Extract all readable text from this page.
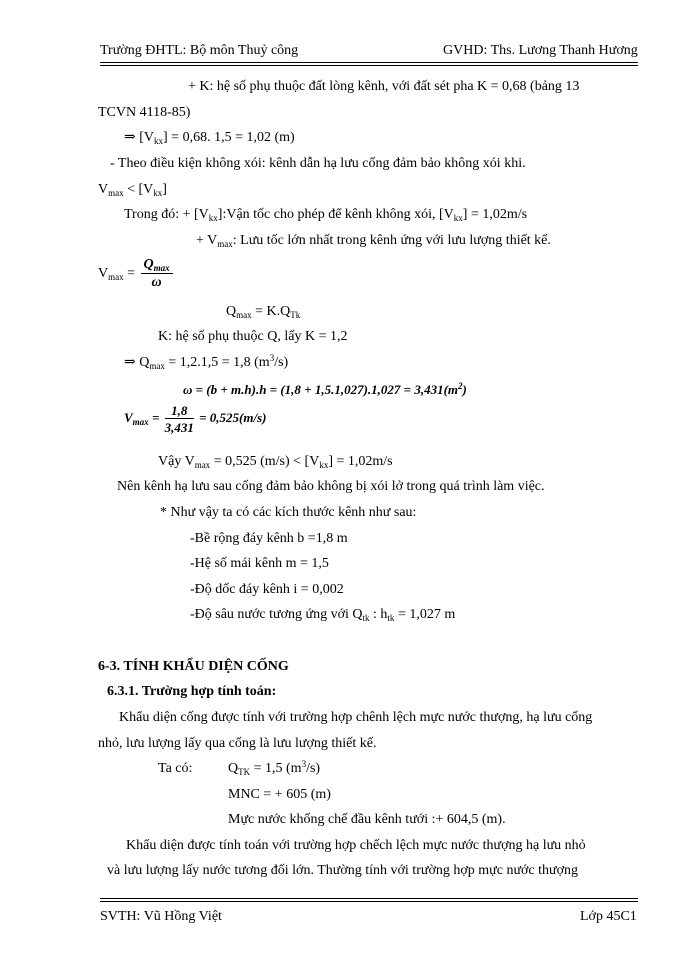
Trường ĐHTL: Bộ môn Thuỷ công	GVHD: Ths. Lương Thanh Hương
+ K: hệ số phụ thuộc đất lòng kênh, với đất sét pha K = 0,68 (bảng 13
TCVN 4118-85)
⇒ $[V_{kx}] = 0,68$. 1,5 = 1,02 (m)
- Theo điều kiện không xói: kênh dẫn hạ lưu cống đảm bảo không xói khi.
$V_{max} < [V_{kx}]$
Trong đó: + $[V_{kx}]:Vận$ tốc cho phép để kênh không xói, $[V_{kx}] = 1,02m/s$
+ $V_{max}$: Lưu tốc lớn nhất trong kênh ứng với lưu lượng thiết kế.
$V_{max} = \frac{Q_{max}}{\omega}$
$Q_{max} = K.Q_{Tk}$
K: hệ số phụ thuộc Q, lấy K = 1,2
⇒ $Q_{max} = 1,2.1,5 = 1,8$ $(m^3/s)$
$\omega = (b + m.h).h = (1,8 + 1,5.1,027).1,027 = 3,431(m^2)$
$V_{max} = \frac{1,8}{3,431} = 0,525(m/s)$
Vậy $V_{max} = 0,525$ $(m/s) < [V_{kx}] = 1,02m/s$
Nên kênh hạ lưu sau cống đảm bảo không bị xói lở trong quá trình làm việc.
* Như vậy ta có các kích thước kênh như sau:
-Bề rộng đáy kênh b =1,8 m
-Hệ số mái kênh m = 1,5
-Độ dốc đáy kênh i = 0,002
-Độ sâu nước tương ứng với $Q_{tk}$ : $h_{tk} = 1,027$ m
6-3. TÍNH KHẨU DIỆN CỐNG
6.3.1. Trường hợp tính toán:
Khẩu diện cống được tính với trường hợp chênh lệch mực nước thượng, hạ lưu cống
nhỏ, lưu lượng lấy qua cống là lưu lượng thiết kế.
Ta có:	$Q_{TK} = 1,5$ $(m^3/s)$
MNC = + 605 (m)
Mực nước khống chế đầu kênh tưới :+ 604,5 (m).
Khẩu diện được tính toán với trường hợp chếch lệch mực nước thượng hạ lưu nhỏ
và lưu lượng lấy nước tương đối lớn. Thường tính với trường hợp mực nước thượng
SVTH: Vũ Hồng Việt	Lớp 45C1
